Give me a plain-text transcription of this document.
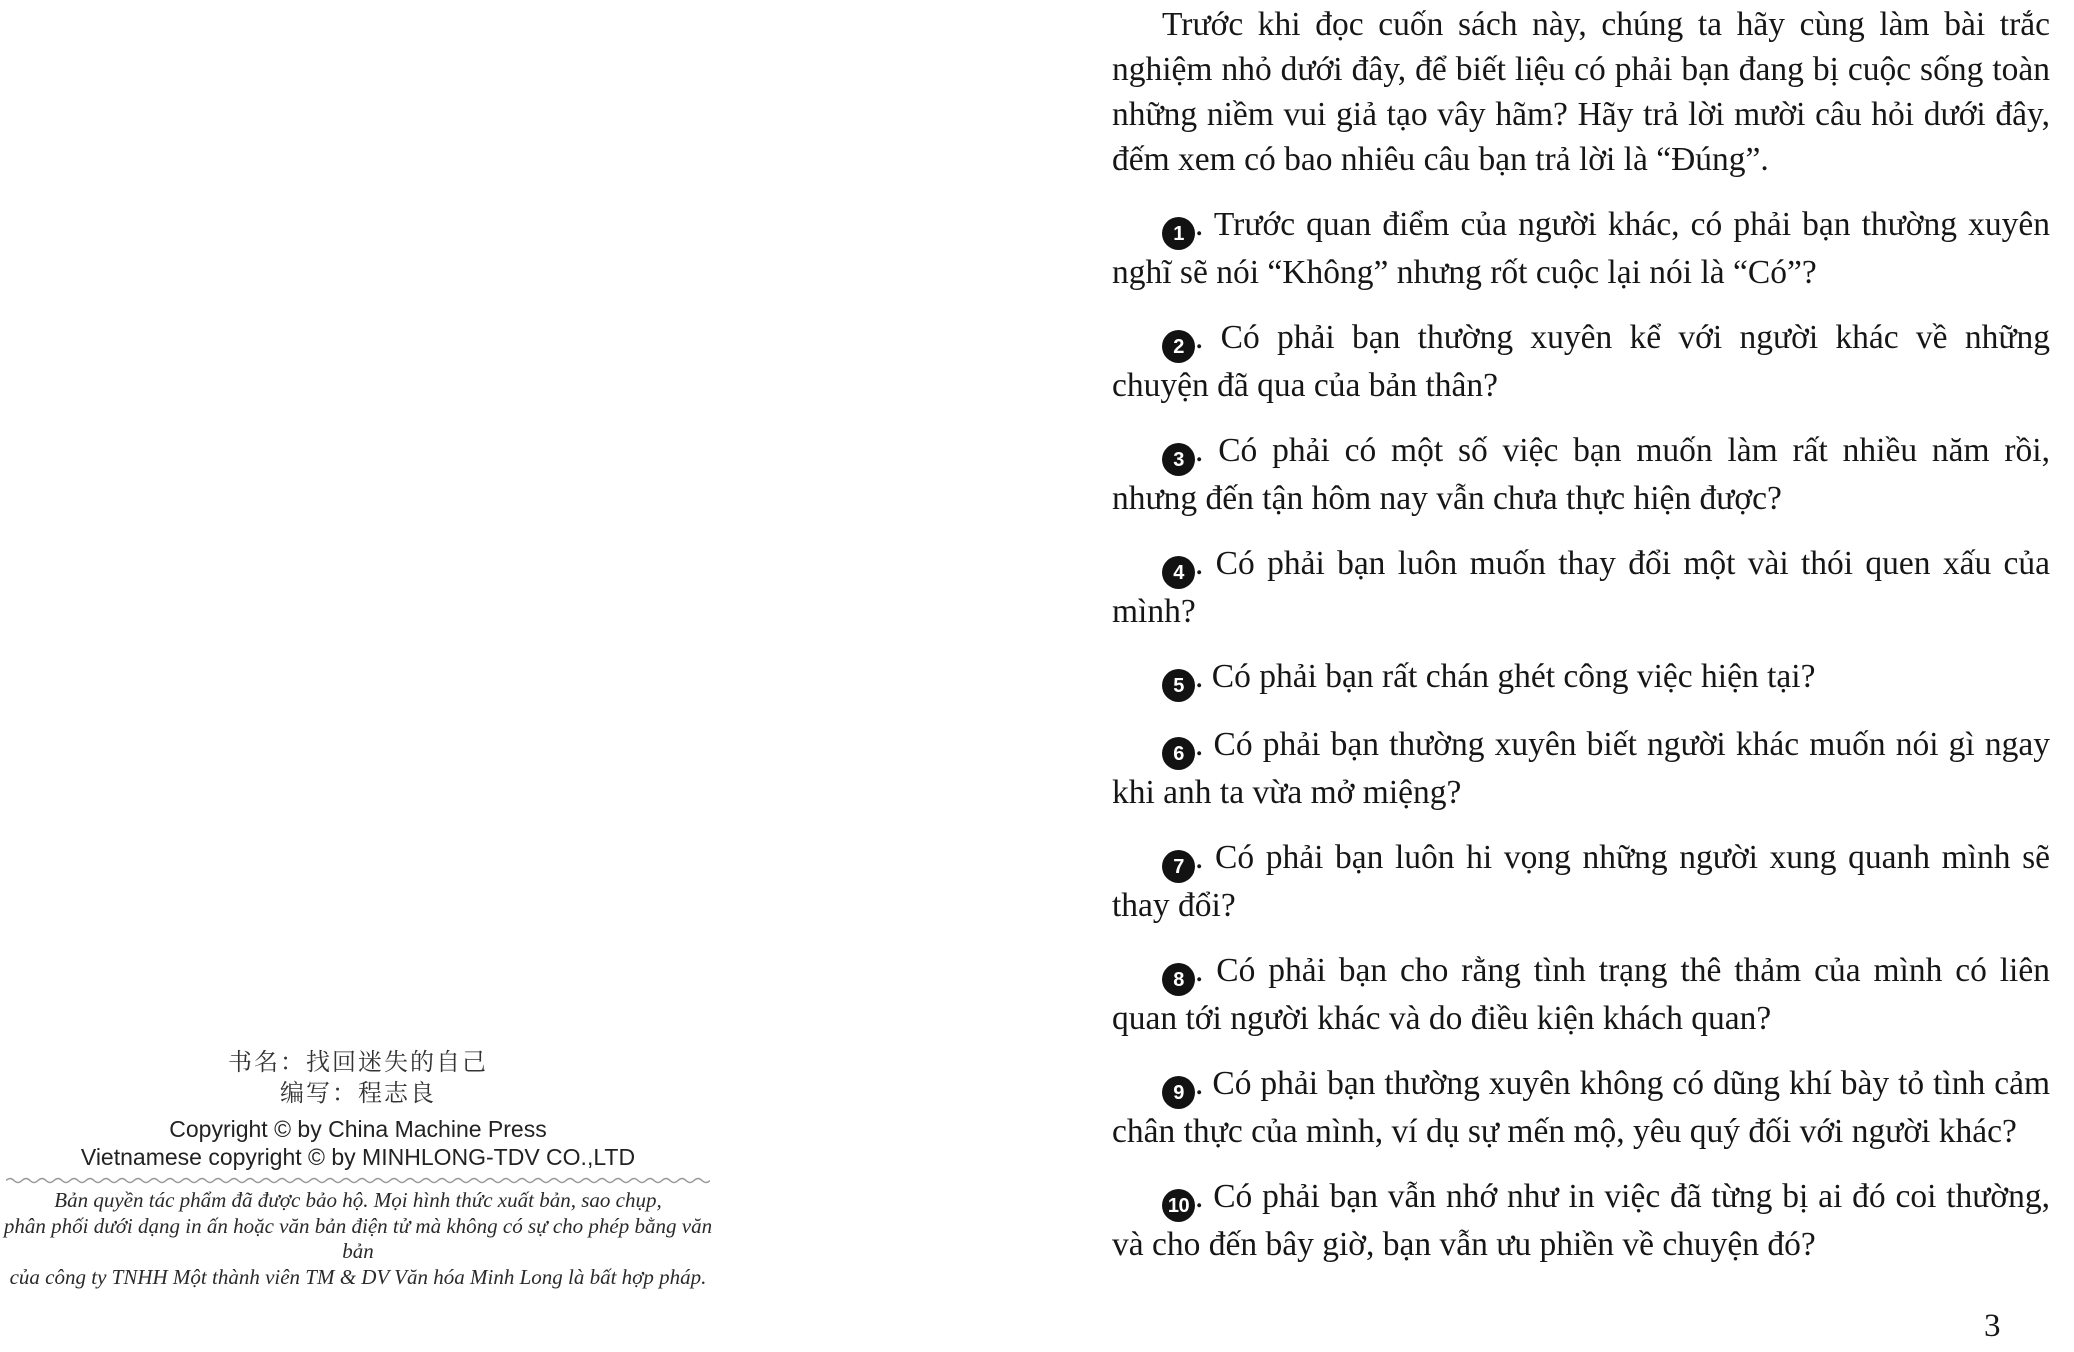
书名：找回迷失的自己
编写：程志良
Copyright © by China Machine Press
Vietnamese copyright © by MINHLONG-TDV CO.,LTD
Bản quyền tác phẩm đã được bảo hộ. Mọi hình thức xuất bản, sao chụp,
phân phối dưới dạng in ấn hoặc văn bản điện tử mà không có sự cho phép bằng văn bản
của công ty TNHH Một thành viên TM & DV Văn hóa Minh Long là bất hợp pháp.

Trước khi đọc cuốn sách này, chúng ta hãy cùng làm bài trắc nghiệm nhỏ dưới đây, để biết liệu có phải bạn đang bị cuộc sống toàn những niềm vui giả tạo vây hãm? Hãy trả lời mười câu hỏi dưới đây, đếm xem có bao nhiêu câu bạn trả lời là “Đúng”.

1 . Trước quan điểm của người khác, có phải bạn thường xuyên nghĩ sẽ nói “Không” nhưng rốt cuộc lại nói là “Có”?

2 . Có phải bạn thường xuyên kể với người khác về những chuyện đã qua của bản thân?

3 . Có phải có một số việc bạn muốn làm rất nhiều năm rồi, nhưng đến tận hôm nay vẫn chưa thực hiện được?

4 . Có phải bạn luôn muốn thay đổi một vài thói quen xấu của mình?

5 . Có phải bạn rất chán ghét công việc hiện tại?

6 . Có phải bạn thường xuyên biết người khác muốn nói gì ngay khi anh ta vừa mở miệng?

7 . Có phải bạn luôn hi vọng những người xung quanh mình sẽ thay đổi?

8 . Có phải bạn cho rằng tình trạng thê thảm của mình có liên quan tới người khác và do điều kiện khách quan?

9 . Có phải bạn thường xuyên không có dũng khí bày tỏ tình cảm chân thực của mình, ví dụ sự mến mộ, yêu quý đối với người khác?

10 . Có phải bạn vẫn nhớ như in việc đã từng bị ai đó coi thường, và cho đến bây giờ, bạn vẫn ưu phiền về chuyện đó?

3
